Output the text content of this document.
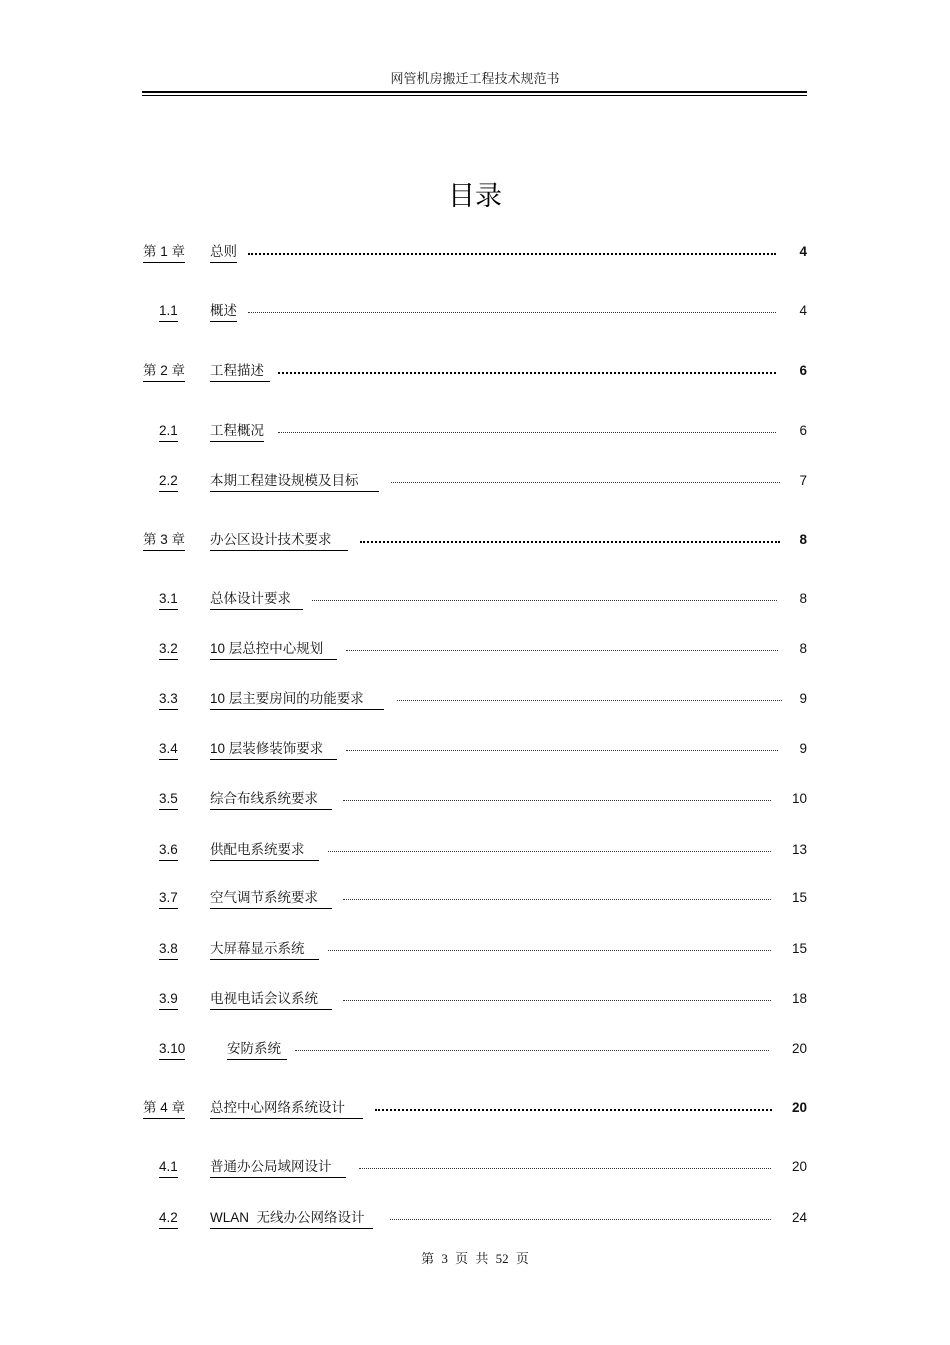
网管机房搬迁工程技术规范书
目录
第 1 章 总则	4
1.1 概述	4
第 2 章 工程描述	6
2.1 工程概况	6
2.2 本期工程建设规模及目标	7
第 3 章 办公区设计技术要求	8
3.1 总体设计要求	8
3.2 10 层总控中心规划	8
3.3 10 层主要房间的功能要求	9
3.4 10 层装修装饰要求	9
3.5 综合布线系统要求	10
3.6 供配电系统要求	13
3.7 空气调节系统要求	15
3.8 大屏幕显示系统	15
3.9 电视电话会议系统	18
3.10	安防系统	20
第 4 章 总控中心网络系统设计	20
4.1 普通办公局域网设计	20
4.2 WLAN  无线办公网络设计	24
第 3 页 共 52 页
